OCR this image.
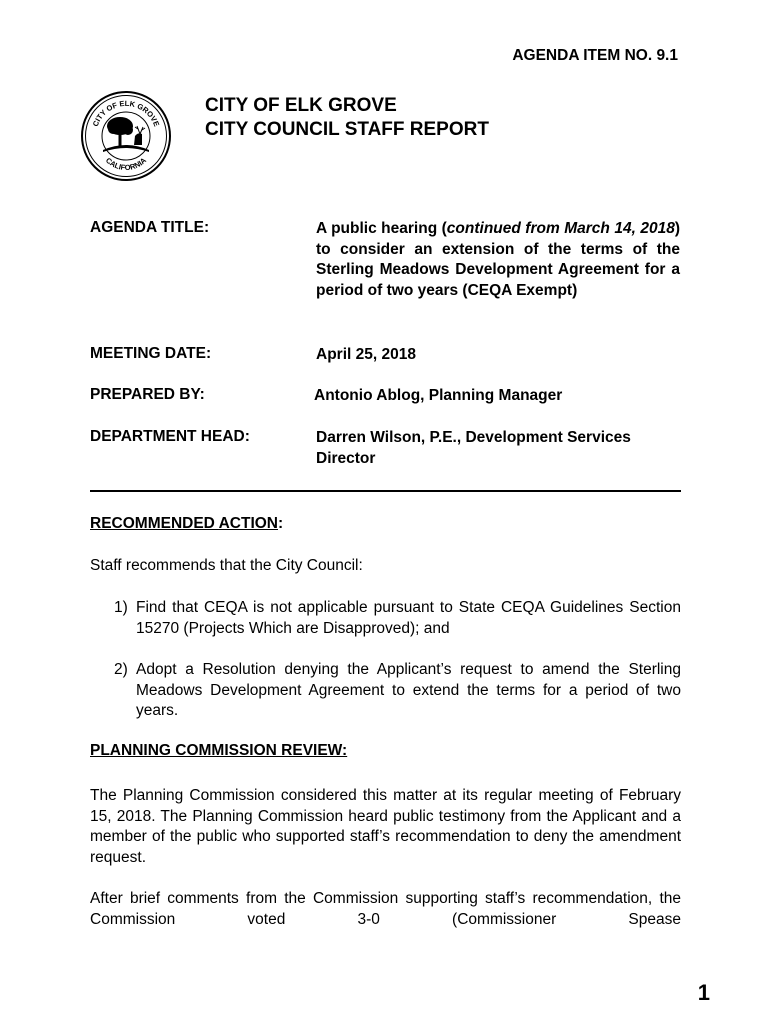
AGENDA ITEM NO. 9.1
CITY OF ELK GROVE
CALIFORNIA
CITY OF ELK GROVE
CITY COUNCIL STAFF REPORT
AGENDA TITLE:	A public hearing (continued from March 14, 2018) to consider an extension of the terms of the Sterling Meadows Development Agreement for a period of two years (CEQA Exempt)
MEETING DATE:	April 25, 2018
PREPARED BY:	Antonio Ablog, Planning Manager
DEPARTMENT HEAD:	Darren Wilson, P.E., Development Services Director
RECOMMENDED ACTION:
Staff recommends that the City Council:
1) Find that CEQA is not applicable pursuant to State CEQA Guidelines Section 15270 (Projects Which are Disapproved); and
2) Adopt a Resolution denying the Applicant’s request to amend the Sterling Meadows Development Agreement to extend the terms for a period of two years.
PLANNING COMMISSION REVIEW:
The Planning Commission considered this matter at its regular meeting of February 15, 2018. The Planning Commission heard public testimony from the Applicant and a member of the public who supported staff’s recommendation to deny the amendment request.
After brief comments from the Commission supporting staff’s recommendation, the Commission voted 3-0 (Commissioner Spease
1
